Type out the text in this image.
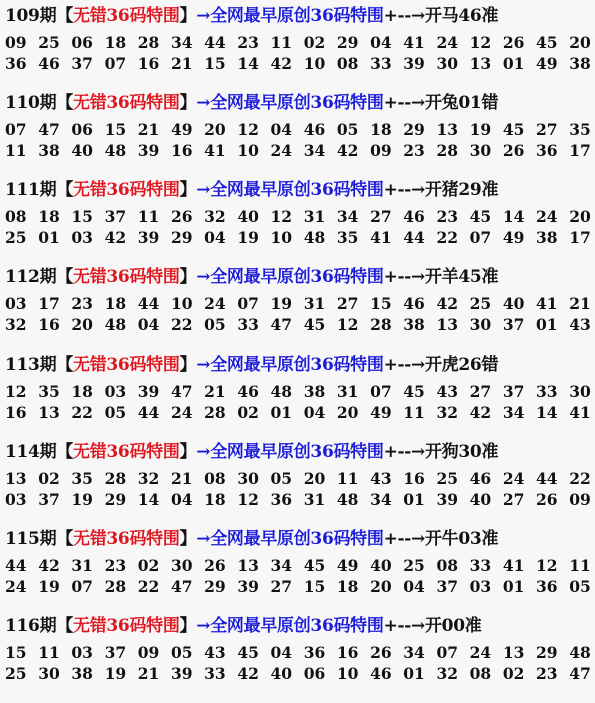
109期【无错36码特围】→全网最早原创36码特围+--→开马46准
09 25 06 18 28 34 44 23 11 02 29 04 41 24 12 26 45 20
36 46 37 07 16 21 15 14 42 10 08 33 39 30 13 01 49 38
110期【无错36码特围】→全网最早原创36码特围+--→开兔01错
07 47 06 15 21 49 20 12 04 46 05 18 29 13 19 45 27 35
11 38 40 48 39 16 41 10 24 34 42 09 23 28 30 26 36 17
111期【无错36码特围】→全网最早原创36码特围+--→开猪29准
08 18 15 37 11 26 32 40 12 31 34 27 46 23 45 14 24 20
25 01 03 42 39 29 04 19 10 48 35 41 44 22 07 49 38 17
112期【无错36码特围】→全网最早原创36码特围+--→开羊45准
03 17 23 18 44 10 24 07 19 31 27 15 46 42 25 40 41 21
32 16 20 48 04 22 05 33 47 45 12 28 38 13 30 37 01 43
113期【无错36码特围】→全网最早原创36码特围+--→开虎26错
12 35 18 03 39 47 21 46 48 38 31 07 45 43 27 37 33 30
16 13 22 05 44 24 28 02 01 04 20 49 11 32 42 34 14 41
114期【无错36码特围】→全网最早原创36码特围+--→开狗30准
13 02 35 28 32 21 08 30 05 20 11 43 16 25 46 24 44 22
03 37 19 29 14 04 18 12 36 31 48 34 01 39 40 27 26 09
115期【无错36码特围】→全网最早原创36码特围+--→开牛03准
44 42 31 23 02 30 26 13 34 45 49 40 25 08 33 41 12 11
24 19 07 28 22 47 29 39 27 15 18 20 04 37 03 01 36 05
116期【无错36码特围】→全网最早原创36码特围+--→开00准
15 11 03 37 09 05 43 45 04 36 16 26 34 07 24 13 29 48
25 30 38 19 21 39 33 42 40 06 10 46 01 32 08 02 23 47
